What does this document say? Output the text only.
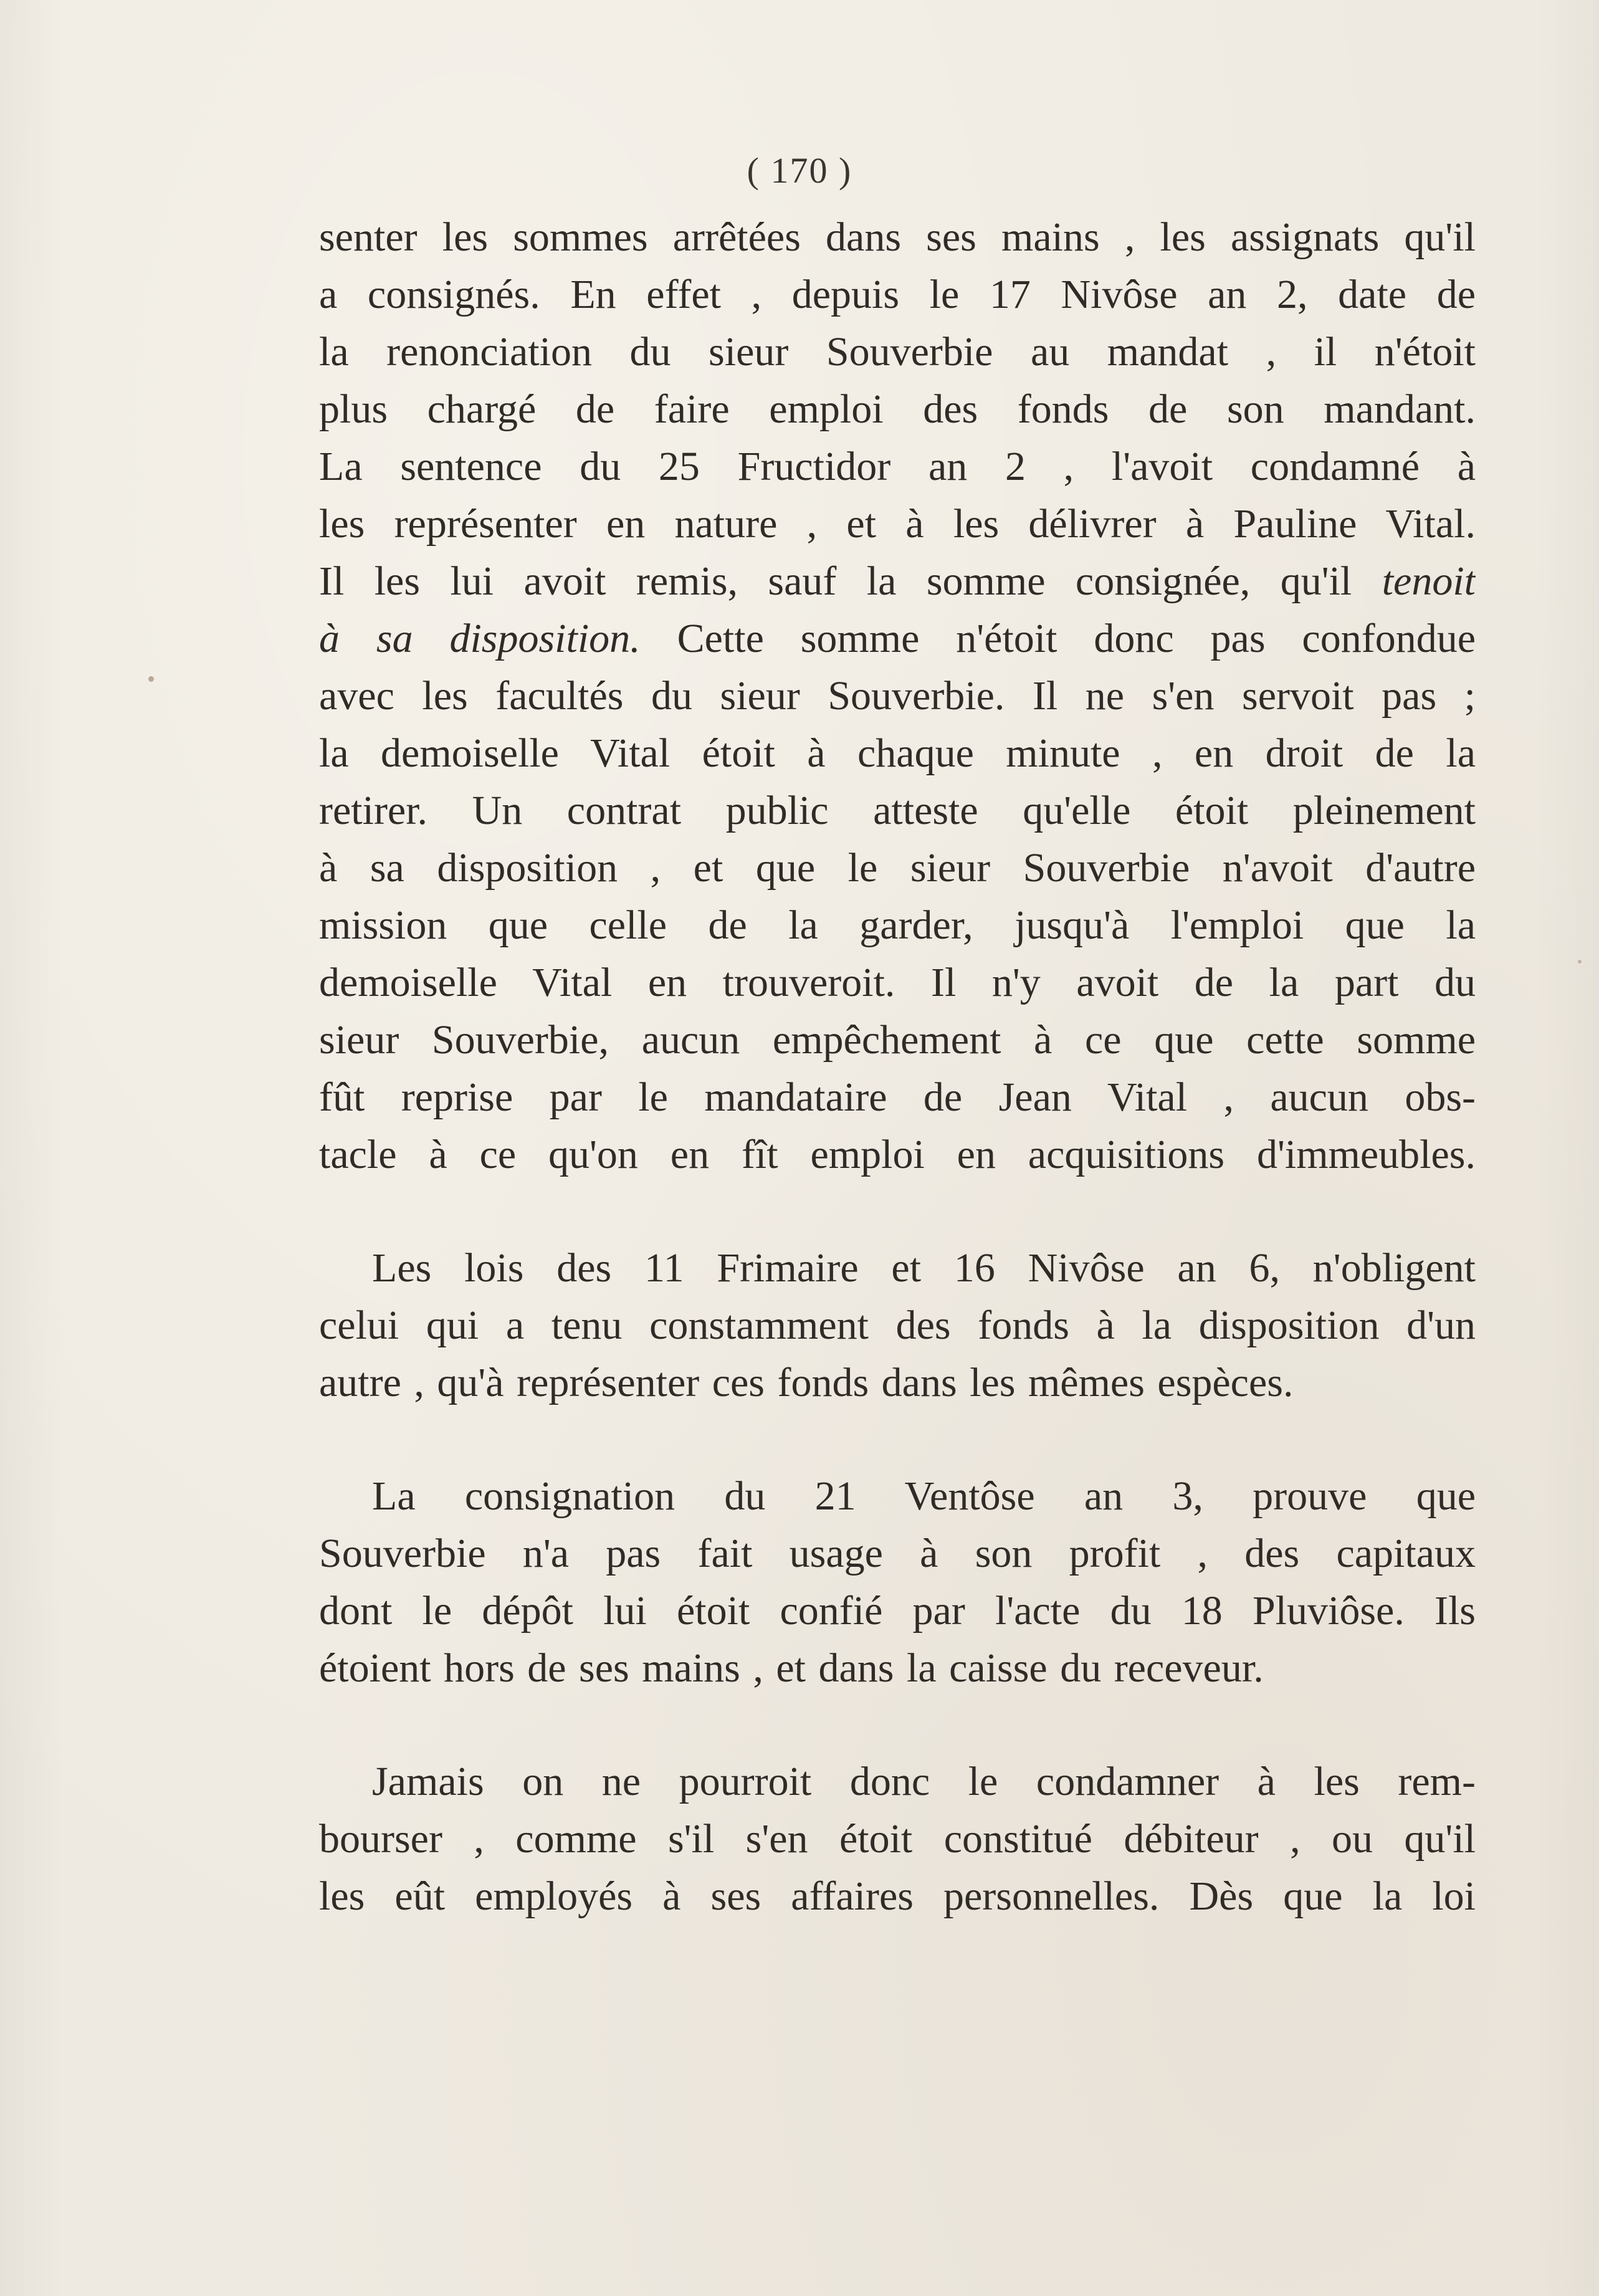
( 170 )
senter les sommes arrêtées dans ses mains , les assignats qu'il
a consignés. En effet , depuis le 17 Nivôse an 2, date de
la renonciation du sieur Souverbie au mandat , il n'étoit
plus chargé de faire emploi des fonds de son mandant.
La sentence du 25 Fructidor an 2 , l'avoit condamné à
les représenter en nature , et à les délivrer à Pauline Vital.
Il les lui avoit remis, sauf la somme consignée, qu'il tenoit
à sa disposition. Cette somme n'étoit donc pas confondue
avec les facultés du sieur Souverbie. Il ne s'en servoit pas ;
la demoiselle Vital étoit à chaque minute , en droit de la
retirer. Un contrat public atteste qu'elle étoit pleinement
à sa disposition , et que le sieur Souverbie n'avoit d'autre
mission que celle de la garder, jusqu'à l'emploi que la
demoiselle Vital en trouveroit. Il n'y avoit de la part du
sieur Souverbie, aucun empêchement à ce que cette somme
fût reprise par le mandataire de Jean Vital , aucun obs-
tacle à ce qu'on en fît emploi en acquisitions d'immeubles.
Les lois des 11 Frimaire et 16 Nivôse an 6, n'obligent
celui qui a tenu constamment des fonds à la disposition d'un
autre , qu'à représenter ces fonds dans les mêmes espèces.
La consignation du 21 Ventôse an 3, prouve que
Souverbie n'a pas fait usage à son profit , des capitaux
dont le dépôt lui étoit confié par l'acte du 18 Pluviôse. Ils
étoient hors de ses mains , et dans la caisse du receveur.
Jamais on ne pourroit donc le condamner à les rem-
bourser , comme s'il s'en étoit constitué débiteur , ou qu'il
les eût employés à ses affaires personnelles. Dès que la loi
